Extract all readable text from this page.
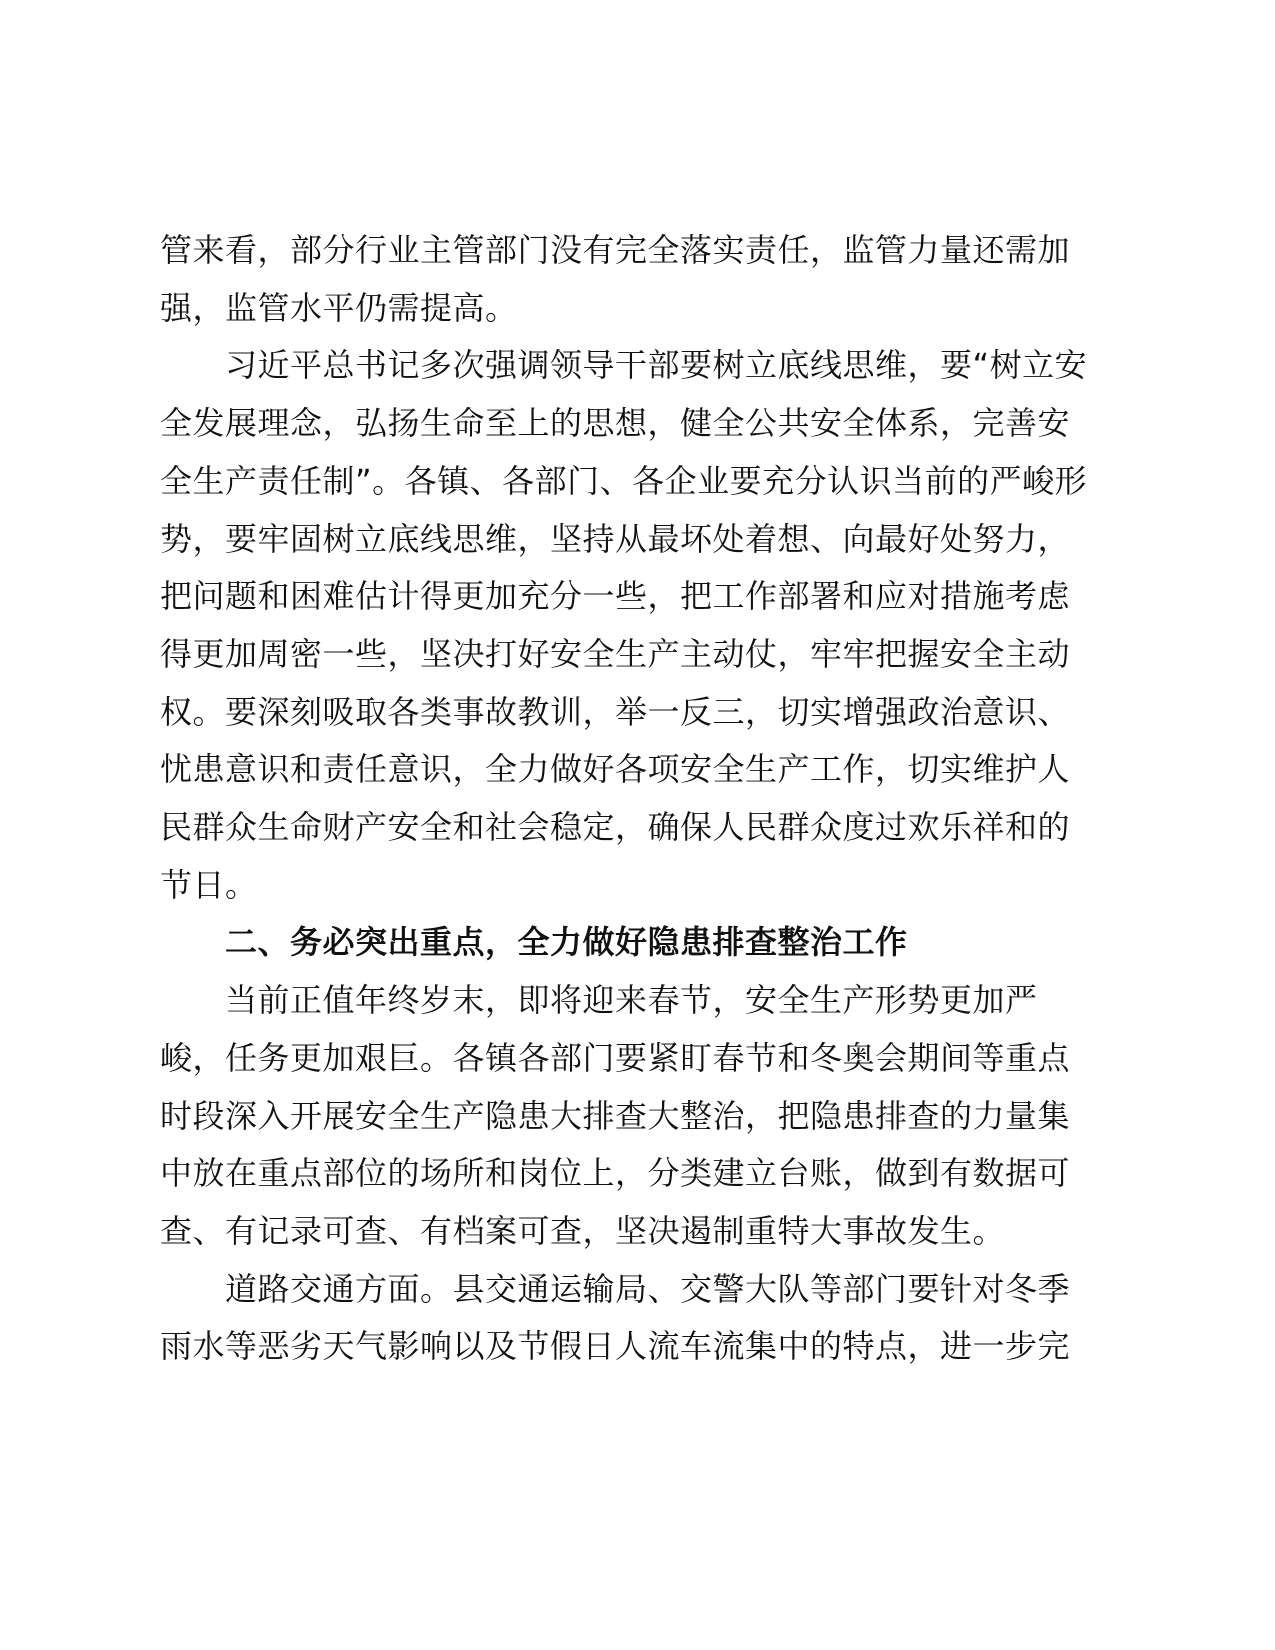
管来看，部分行业主管部门没有完全落实责任，监管力量还需加强，监管水平仍需提高。

习近平总书记多次强调领导干部要树立底线思维，要“树立安全发展理念，弘扬生命至上的思想，健全公共安全体系，完善安全生产责任制”。各镇、各部门、各企业要充分认识当前的严峻形势，要牢固树立底线思维，坚持从最坏处着想、向最好处努力，把问题和困难估计得更加充分一些，把工作部署和应对措施考虑得更加周密一些，坚决打好安全生产主动仗，牢牢把握安全主动权。要深刻吸取各类事故教训，举一反三，切实增强政治意识、忧患意识和责任意识，全力做好各项安全生产工作，切实维护人民群众生命财产安全和社会稳定，确保人民群众度过欢乐祥和的节日。

二、务必突出重点，全力做好隐患排查整治工作

当前正值年终岁末，即将迎来春节，安全生产形势更加严峻，任务更加艰巨。各镇各部门要紧盯春节和冬奥会期间等重点时段深入开展安全生产隐患大排查大整治，把隐患排查的力量集中放在重点部位的场所和岗位上，分类建立台账，做到有数据可查、有记录可查、有档案可查，坚决遏制重特大事故发生。

道路交通方面。县交通运输局、交警大队等部门要针对冬季雨水等恶劣天气影响以及节假日人流车流集中的特点，进一步完
